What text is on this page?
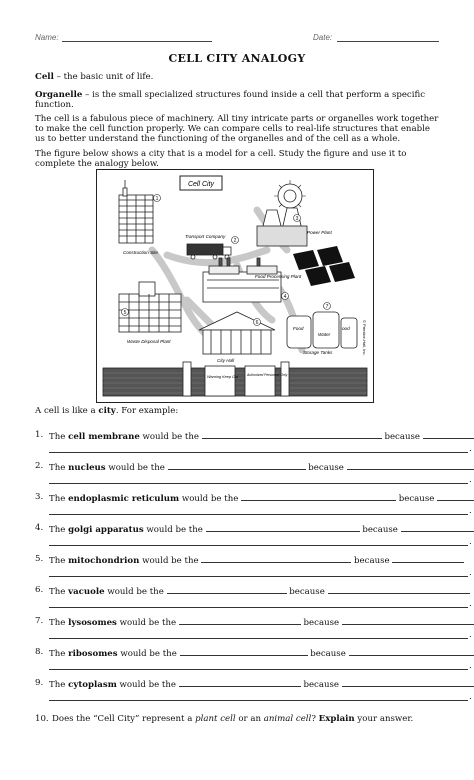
Name:	Date:
CELL CITY ANALOGY
Cell – the basic unit of life.
Organelle – is the small specialized structures found inside a cell that perform a specific function.
The cell is a fabulous piece of machinery. All tiny intricate parts or organelles work together to make the cell function properly. We can compare cells to real-life structures that enable us to better understand the functioning of the organelles and of the cell as a whole.
The figure below shows a city that is a model for a cell. Study the figure and use it to complete the analogy below.
Cell City
Construction Site
Transport Company
Power Plant
Food Processing Plant
Waste Disposal Plant
City Hall
Food
Water
ood
Storage Tanks
1
2
3
4
5
6
7
Warning Keep Out	Authorized Personnel Only
© Prentice-Hall, Inc.
A cell is like a city. For example:
1. The cell membrane would be the	because
.
2. The nucleus would be the	because
.
3. The endoplasmic reticulum would be the	because
.
4. The golgi apparatus would be the	because
.
5. The mitochondrion would be the	because
.
6. The vacuole would be the	because
.
7. The lysosomes would be the	because
.
8. The ribosomes would be the	because
.
9. The cytoplasm would be the	because
.
10. Does the “Cell City” represent a plant cell or an animal cell? Explain your answer.
